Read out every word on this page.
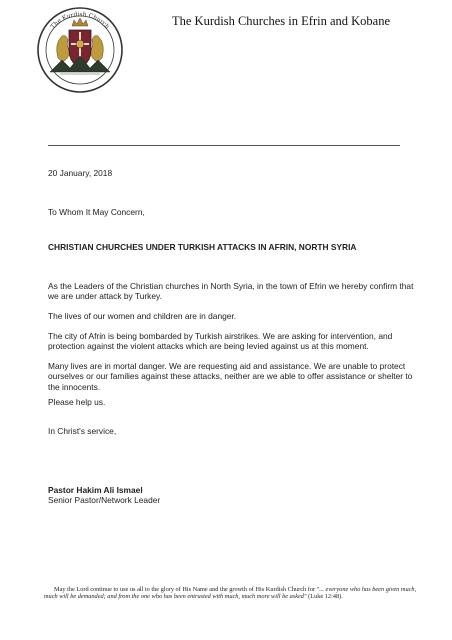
The Kurdish Church	The Kurdish Churches in Efrin and Kobane
20 January, 2018
To Whom It May Concern,
CHRISTIAN CHURCHES UNDER TURKISH ATTACKS IN AFRIN, NORTH SYRIA
As the Leaders of the Christian churches in North Syria, in the town of Efrin we hereby confirm that we are under attack by Turkey.
The lives of our women and children are in danger.
The city of Afrin is being bombarded by Turkish airstrikes. We are asking for intervention, and protection against the violent attacks which are being levied against us at this moment.
Many lives are in mortal danger. We are requesting aid and assistance. We are unable to protect ourselves or our families against these attacks, neither are we able to offer assistance or shelter to the innocents.
Please help us.
In Christ's service,
Pastor Hakim Ali Ismael
Senior Pastor/Network Leader
May the Lord continue to use us all to the glory of His Name and the growth of His Kurdish Church for "... everyone who has been given much, much will be demanded; and from the one who has been entrusted with much, much more will be asked" (Luke 12:48).
